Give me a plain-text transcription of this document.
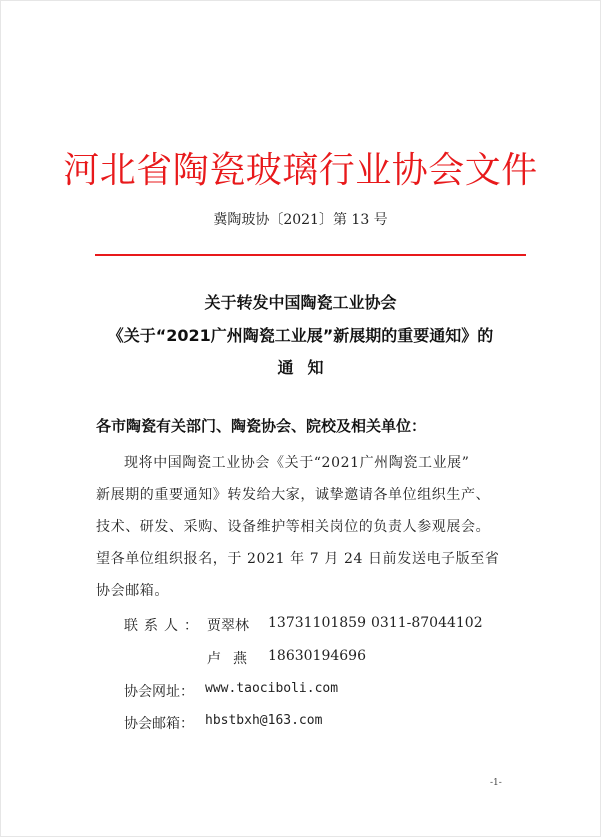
河北省陶瓷玻璃行业协会文件
冀陶玻协〔2021〕第 13 号
关于转发中国陶瓷工业协会
《关于“2021广州陶瓷工业展”新展期的重要通知》的
通知
各市陶瓷有关部门、陶瓷协会、院校及相关单位：
现将中国陶瓷工业协会《关于“2021广州陶瓷工业展”
新展期的重要通知》转发给大家，诚挚邀请各单位组织生产、
技术、研发、采购、设备维护等相关岗位的负责人参观展会。
望各单位组织报名，于 2021 年 7 月 24 日前发送电子版至省
协会邮箱。
联系人： 贾翠林 13731101859 0311-87044102
卢燕 18630194696
协会网址： www.taociboli.com
协会邮箱： hbstbxh@163.com
-1-
